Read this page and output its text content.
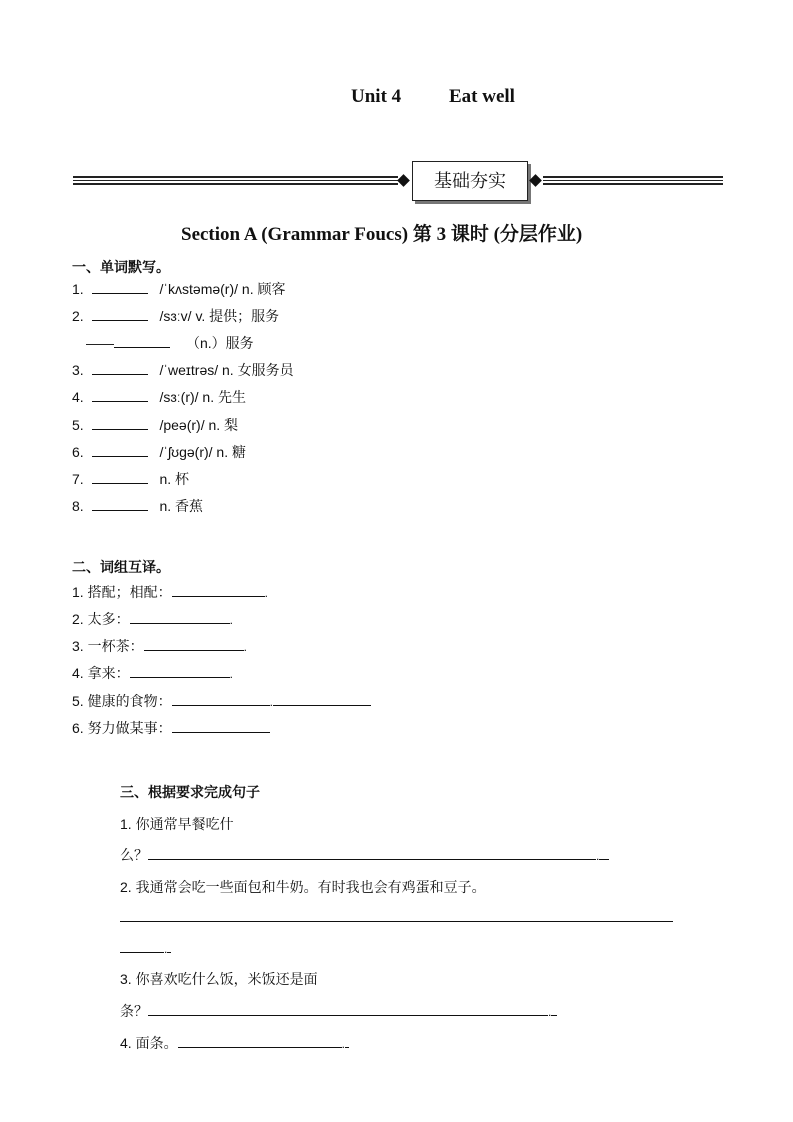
Unit 4	Eat well
基础夯实
Section A (Grammar Foucs) 第 3 课时 (分层作业)
一、单词默写。
1.	/ˈkʌstəmə(r)/ n. 顾客
2.	/sɜːv/ v. 提供；服务
——	（n.）服务
3.	/ˈweɪtrəs/ n. 女服务员
4.	/sɜː(r)/ n. 先生
5.	/peə(r)/ n. 梨
6.	/ˈʃʊɡə(r)/ n. 糖
7.	n. 杯
8.	n. 香蕉
二、词组互译。
1. 搭配；相配：	.
2. 太多：	.
3. 一杯茶：	.
4. 拿来：	.
5. 健康的食物：	.
6. 努力做某事：
三、根据要求完成句子
1. 你通常早餐吃什
么？	.
2. 我通常会吃一些面包和牛奶。有时我也会有鸡蛋和豆子。
.
3. 你喜欢吃什么饭，米饭还是面
条？	.
4. 面条。	.
